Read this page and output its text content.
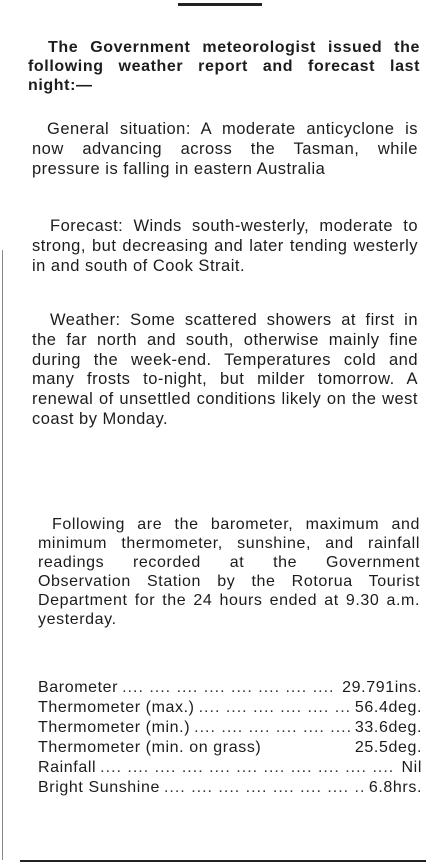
The Government meteorologist issued the following weather report and forecast last night:—

General situation: A moderate anticyclone is now advancing across the Tasman, while pressure is falling in eastern Australia

Forecast: Winds south-westerly, moderate to strong, but decreasing and later tending westerly in and south of Cook Strait.

Weather: Some scattered showers at first in the far north and south, otherwise mainly fine during the week-end. Temperatures cold and many frosts to-night, but milder tomorrow. A renewal of unsettled conditions likely on the west coast by Monday.

Following are the barometer, maximum and minimum thermometer, sunshine, and rainfall readings recorded at the Government Observation Station by the Rotorua Tourist Department for the 24 hours ended at 9.30 a.m. yesterday.

Barometer ....	29.791ins.
Thermometer (max.) ....	56.4deg.
Thermometer (min.) ....	33.6deg.
Thermometer (min. on grass)	25.5deg.
Rainfall ....	Nil
Bright Sunshine ....	6.8hrs.
